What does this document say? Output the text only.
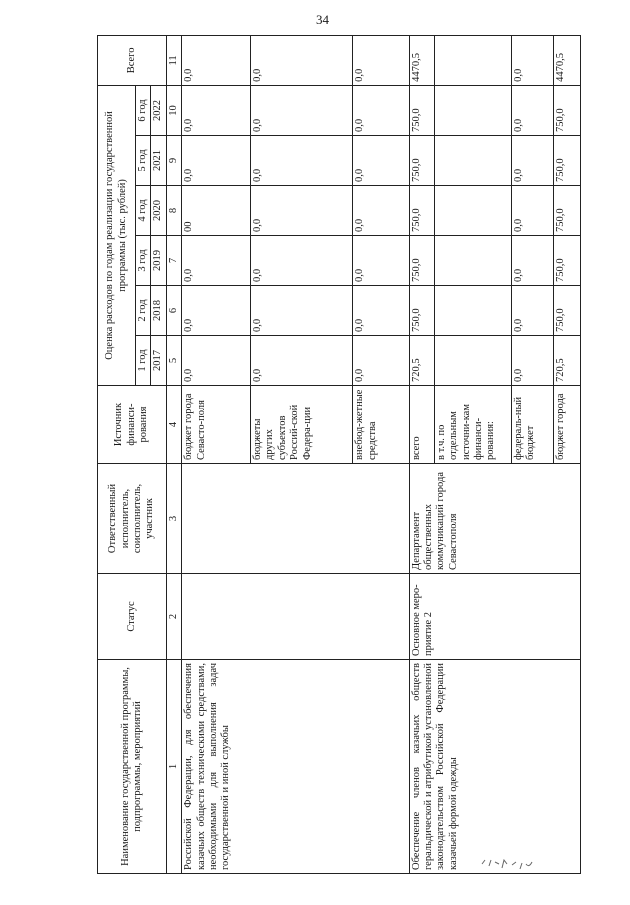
34
Наименование государственной программы, подпрограммы, мероприятий	Статус	Ответственный исполнитель, соисполнитель, участник	Источник финанси-рования	Оценка расходов по годам реализации государственной программы (тыс. рублей)						Всего
				1 год	2 год	3 год	4 год	5 год	6 год	
				2017	2018	2019	2020	2021	2022	
1	2	3	4	5	6	7	8	9	10	11
Российской Федерации, для обеспечения казачьих обществ техническими средствами, необходимыми для выполнения задач государственной и иной службы			бюджет города Севасто-поля	0,0	0,0	0,0	00	0,0	0,0	0,0
			бюджеты других субъектов Россий-ской Федера-ции	0,0	0,0	0,0	0,0	0,0	0,0	0,0
			внебюд-жетные средства	0,0	0,0	0,0	0,0	0,0	0,0	0,0
Обеспечение членов казачьих обществ геральдической и атрибутикой установленной законодательством Российской Федерации казачьей формой одежды	Основное меро-приятие 2	Департамент общественных коммуникаций города Севастополя	всего	720,5	750,0	750,0	750,0	750,0	750,0	4470,5
			в т.ч. по отдельным источни-кам финанси-рования:							
			федераль-ный бюджет	0,0	0,0	0,0	0,0	0,0	0,0	0,0
			бюджет города	720,5	750,0	750,0	750,0	750,0	750,0	4470,5
